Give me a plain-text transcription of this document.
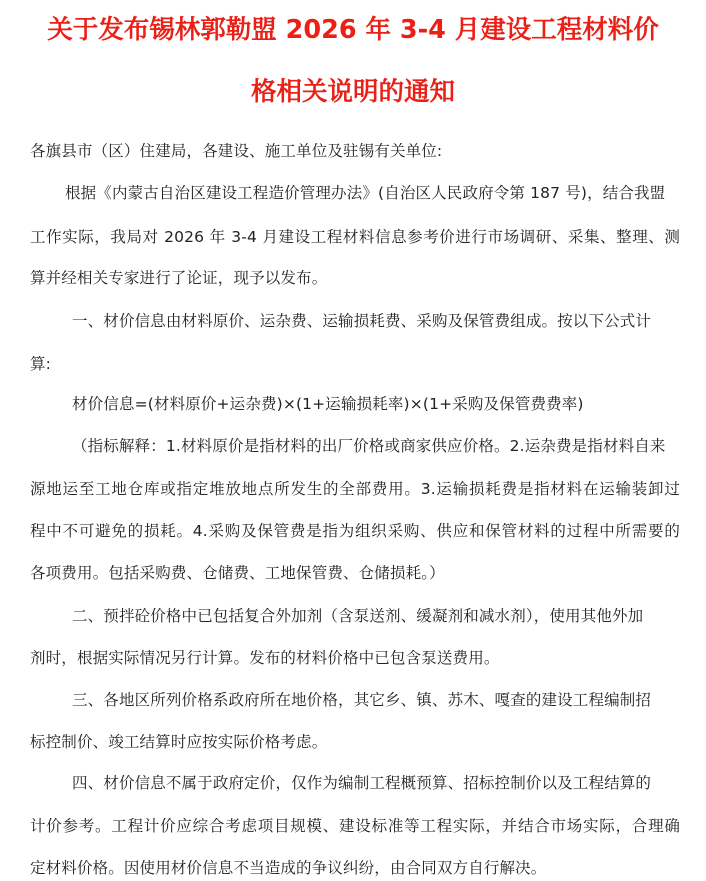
关于发布锡林郭勒盟 2026 年 3-4 月建设工程材料价
格相关说明的通知
各旗县市（区）住建局，各建设、施工单位及驻锡有关单位:
根据《内蒙古自治区建设工程造价管理办法》(自治区人民政府令第 187 号)，结合我盟
工作实际，我局对 2026 年 3-4 月建设工程材料信息参考价进行市场调研、采集、整理、测
算并经相关专家进行了论证，现予以发布。
一、材价信息由材料原价、运杂费、运输损耗费、采购及保管费组成。按以下公式计
算:
材价信息=(材料原价+运杂费)×(1+运输损耗率)×(1+采购及保管费费率)
（指标解释：1.材料原价是指材料的出厂价格或商家供应价格。2.运杂费是指材料自来
源地运至工地仓库或指定堆放地点所发生的全部费用。3.运输损耗费是指材料在运输装卸过
程中不可避免的损耗。4.采购及保管费是指为组织采购、供应和保管材料的过程中所需要的
各项费用。包括采购费、仓储费、工地保管费、仓储损耗。）
二、预拌砼价格中已包括复合外加剂（含泵送剂、缓凝剂和减水剂），使用其他外加
剂时，根据实际情况另行计算。发布的材料价格中已包含泵送费用。
三、各地区所列价格系政府所在地价格，其它乡、镇、苏木、嘎查的建设工程编制招
标控制价、竣工结算时应按实际价格考虑。
四、材价信息不属于政府定价，仅作为编制工程概预算、招标控制价以及工程结算的
计价参考。工程计价应综合考虑项目规模、建设标准等工程实际，并结合市场实际，合理确
定材料价格。因使用材价信息不当造成的争议纠纷，由合同双方自行解决。
